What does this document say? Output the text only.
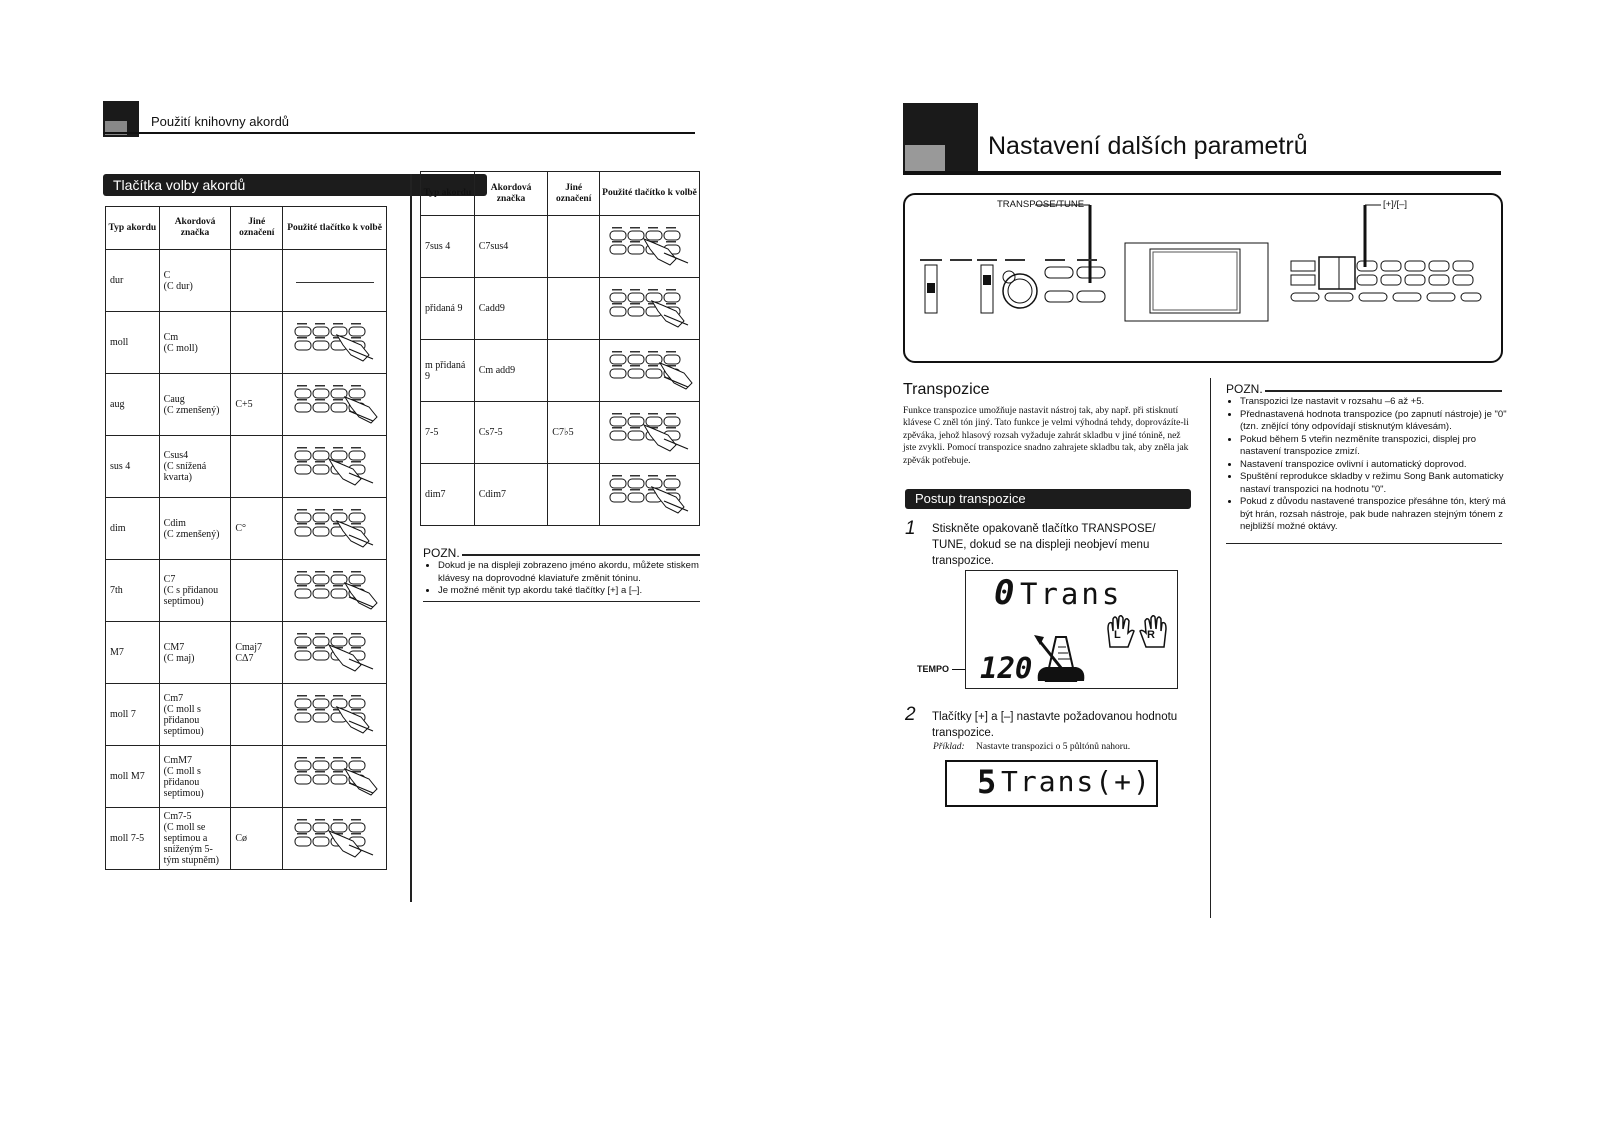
Použití knihovny akordů
Tlačítka volby akordů
Typ akordu	Akordová značka	Jiné označení	Použité tlačítko k volbě
dur	C
(C dur)		

moll	Cm
(C moll)

aug	Caug
(C zmenšený)	C+5	
sus 4	Csus4
(C snížená kvarta)

dim	Cdim
(C zmenšený)	C°	
7th	C7
(C s přidanou septimou)

M7	CM7
(C maj)	Cmaj7 CΔ7	
moll 7	Cm7
(C moll s přidanou septimou)

moll M7	CmM7
(C moll s přidanou septimou)

moll 7-5	Cm7-5
(C moll se septimou a sníženým 5-tým stupněm)	Cø	
Typ akordu	Akordová značka	Jiné označení	Použité tlačítko k volbě
7sus 4	C7sus4

přidaná 9	Cadd9

m přidaná 9	Cm add9

7-5	Cs7-5	C7♭5	
dim7	Cdim7

POZN.
• Dokud je na displeji zobrazeno jméno akordu, můžete stiskem klávesy na doprovodné klaviatuře změnit tóninu.
• Je možné měnit typ akordu také tlačítky [+] a [–].
Nastavení dalších parametrů
TRANSPOSE/TUNE	[+]/[–]
Transpozice
Funkce transpozice umožňuje nastavit nástroj tak, aby např. při stisknutí klávese C zněl tón jiný. Tato funkce je velmi výhodná tehdy, doprovázíte-li zpěváka, jehož hlasový rozsah vyžaduje zahrát skladbu v jiné tónině, než jste zvykli. Pomocí transpozice snadno zahrajete skladbu tak, aby zněla jak zpěvák potřebuje.
Postup transpozice
1 Stiskněte opakovaně tlačítko TRANSPOSE/ TUNE, dokud se na displeji neobjeví menu transpozice.
0 Trans
120
L R
TEMPO
2 Tlačítky [+] a [–] nastavte požadovanou hodnotu transpozice.
Příklad: Nastavte transpozici o 5 půltónů nahoru.
5 Trans(+)
POZN.
• Transpozici lze nastavit v rozsahu –6 až +5.
• Přednastavená hodnota transpozice (po zapnutí nástroje) je "0" (tzn. znějící tóny odpovídají stisknutým klávesám).
• Pokud během 5 vteřin nezměníte transpozici, displej pro nastavení transpozice zmizí.
• Nastavení transpozice ovlivní i automatický doprovod.
• Spuštění reprodukce skladby v režimu Song Bank automaticky nastaví transpozici na hodnotu "0".
• Pokud z důvodu nastavené transpozice přesáhne tón, který má být hrán, rozsah nástroje, pak bude nahrazen stejným tónem z nejbližší možné oktávy.
